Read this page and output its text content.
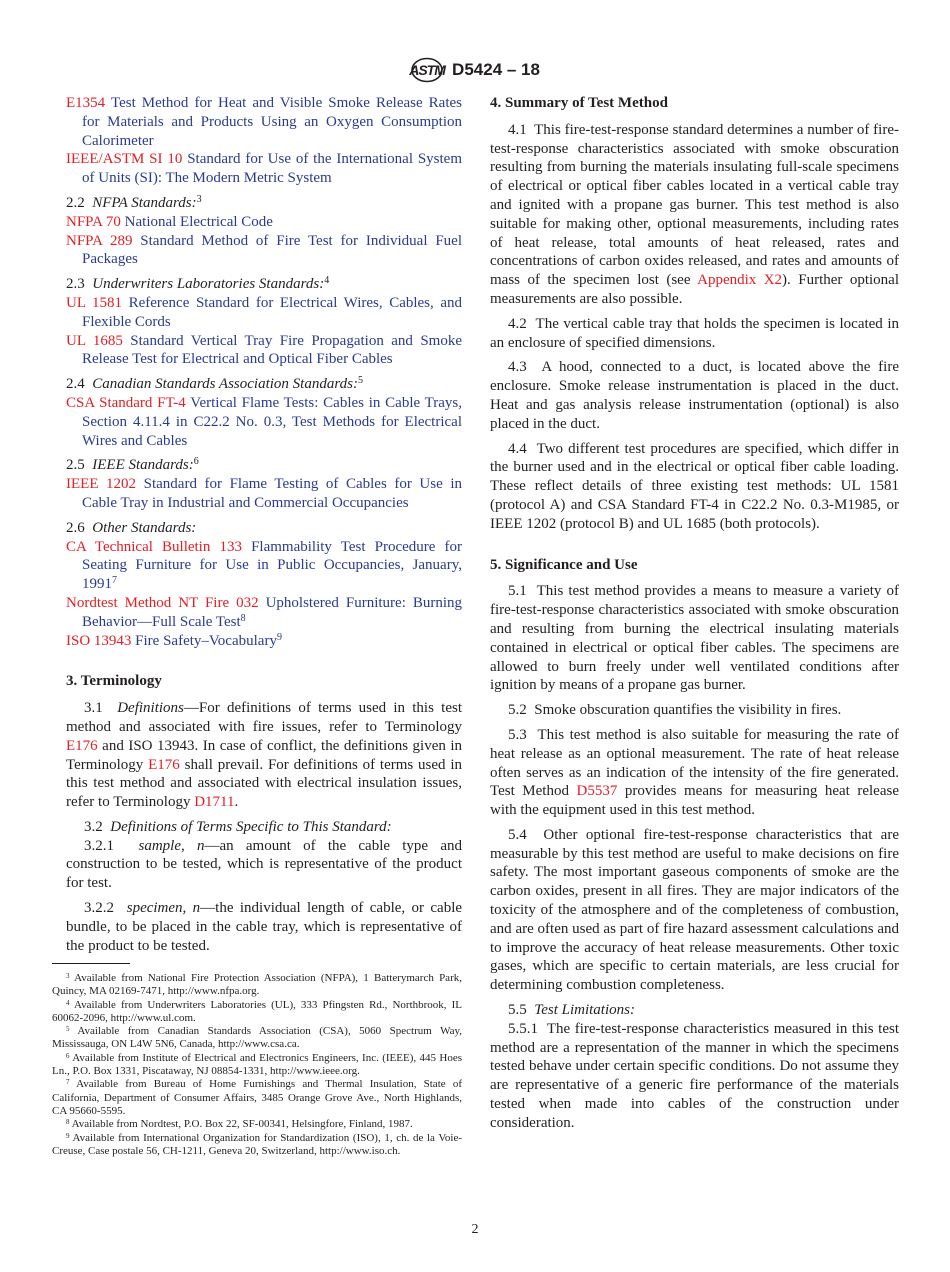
ASTM D5424 – 18

E1354 Test Method for Heat and Visible Smoke Release Rates for Materials and Products Using an Oxygen Consumption Calorimeter

IEEE/ASTM SI 10 Standard for Use of the International System of Units (SI): The Modern Metric System

2.2 NFPA Standards:$^3$

NFPA 70 National Electrical Code

NFPA 289 Standard Method of Fire Test for Individual Fuel Packages

2.3 Underwriters Laboratories Standards:$^4$

UL 1581 Reference Standard for Electrical Wires, Cables, and Flexible Cords

UL 1685 Standard Vertical Tray Fire Propagation and Smoke Release Test for Electrical and Optical Fiber Cables

2.4 Canadian Standards Association Standards:$^5$

CSA Standard FT-4 Vertical Flame Tests: Cables in Cable Trays, Section 4.11.4 in C22.2 No. 0.3, Test Methods for Electrical Wires and Cables

2.5 IEEE Standards:$^6$

IEEE 1202 Standard for Flame Testing of Cables for Use in Cable Tray in Industrial and Commercial Occupancies

2.6 Other Standards:

CA Technical Bulletin 133 Flammability Test Procedure for Seating Furniture for Use in Public Occupancies, January, 1991$^7$

Nordtest Method NT Fire 032 Upholstered Furniture: Burning Behavior—Full Scale Test$^8$

ISO 13943 Fire Safety–Vocabulary$^9$

3. Terminology

3.1 Definitions—For definitions of terms used in this test method and associated with fire issues, refer to Terminology E176 and ISO 13943. In case of conflict, the definitions given in Terminology E176 shall prevail. For definitions of terms used in this test method and associated with electrical insulation issues, refer to Terminology D1711.

3.2 Definitions of Terms Specific to This Standard:

3.2.1 sample, n—an amount of the cable type and construction to be tested, which is representative of the product for test.

3.2.2 specimen, n—the individual length of cable, or cable bundle, to be placed in the cable tray, which is representative of the product to be tested.

$^3$ Available from National Fire Protection Association (NFPA), 1 Batterymarch Park, Quincy, MA 02169-7471, http://www.nfpa.org.

$^4$ Available from Underwriters Laboratories (UL), 333 Pfingsten Rd., Northbrook, IL 60062-2096, http://www.ul.com.

$^5$ Available from Canadian Standards Association (CSA), 5060 Spectrum Way, Mississauga, ON L4W 5N6, Canada, http://www.csa.ca.

$^6$ Available from Institute of Electrical and Electronics Engineers, Inc. (IEEE), 445 Hoes Ln., P.O. Box 1331, Piscataway, NJ 08854-1331, http://www.ieee.org.

$^7$ Available from Bureau of Home Furnishings and Thermal Insulation, State of California, Department of Consumer Affairs, 3485 Orange Grove Ave., North Highlands, CA 95660-5595.

$^8$ Available from Nordtest, P.O. Box 22, SF-00341, Helsingfore, Finland, 1987.

$^9$ Available from International Organization for Standardization (ISO), 1, ch. de la Voie-Creuse, Case postale 56, CH-1211, Geneva 20, Switzerland, http://www.iso.ch.

4. Summary of Test Method

4.1 This fire-test-response standard determines a number of fire-test-response characteristics associated with smoke obscuration resulting from burning the materials insulating full-scale specimens of electrical or optical fiber cables located in a vertical cable tray and ignited with a propane gas burner. This test method is also suitable for making other, optional measurements, including rates of heat release, total amounts of heat released, rates and concentrations of carbon oxides released, and rates and amounts of mass of the specimen lost (see Appendix X2). Further optional measurements are also possible.

4.2 The vertical cable tray that holds the specimen is located in an enclosure of specified dimensions.

4.3 A hood, connected to a duct, is located above the fire enclosure. Smoke release instrumentation is placed in the duct. Heat and gas analysis release instrumentation (optional) is also placed in the duct.

4.4 Two different test procedures are specified, which differ in the burner used and in the electrical or optical fiber cable loading. These reflect details of three existing test methods: UL 1581 (protocol A) and CSA Standard FT-4 in C22.2 No. 0.3-M1985, or IEEE 1202 (protocol B) and UL 1685 (both protocols).

5. Significance and Use

5.1 This test method provides a means to measure a variety of fire-test-response characteristics associated with smoke obscuration and resulting from burning the electrical insulating materials contained in electrical or optical fiber cables. The specimens are allowed to burn freely under well ventilated conditions after ignition by means of a propane gas burner.

5.2 Smoke obscuration quantifies the visibility in fires.

5.3 This test method is also suitable for measuring the rate of heat release as an optional measurement. The rate of heat release often serves as an indication of the intensity of the fire generated. Test Method D5537 provides means for measuring heat release with the equipment used in this test method.

5.4 Other optional fire-test-response characteristics that are measurable by this test method are useful to make decisions on fire safety. The most important gaseous components of smoke are the carbon oxides, present in all fires. They are major indicators of the toxicity of the atmosphere and of the completeness of combustion, and are often used as part of fire hazard assessment calculations and to improve the accuracy of heat release measurements. Other toxic gases, which are specific to certain materials, are less crucial for determining combustion completeness.

5.5 Test Limitations:

5.5.1 The fire-test-response characteristics measured in this test method are a representation of the manner in which the specimens tested behave under certain specific conditions. Do not assume they are representative of a generic fire performance of the materials tested when made into cables of the construction under consideration.

2
